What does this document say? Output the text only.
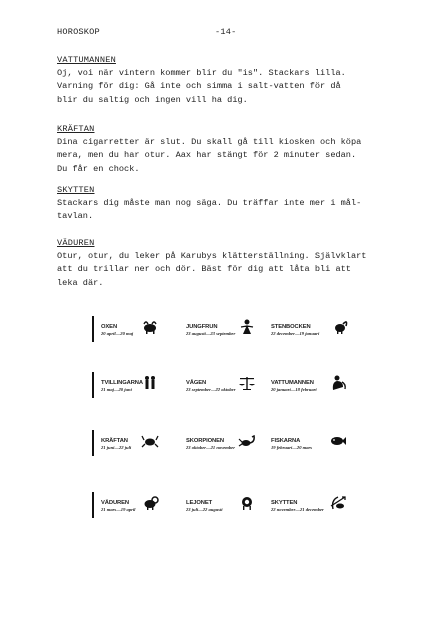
HOROSKOP	-14-
VATTUMANNEN
Oj, voi när vintern kommer blir du "is". Stackars lilla.
Varning för dig: Gå inte och simma i salt-vatten för då
blir du saltig och ingen vill ha dig.
KRÄFTAN
Dina cigarretter är slut. Du skall gå till kiosken och köpa
mera, men du har otur. Aax har stängt för 2 minuter sedan.
Du får en chock.
SKYTTEN
Stackars dig måste man nog säga. Du träffar inte mer i mål-
tavlan.
VÄDUREN
Otur, otur, du leker på Karubys klätterställning. Självklart
att du trillar ner och dör. Bäst för dig att låta bli att
leka där.
OXEN
20 april—20 maj
JUNGFRUN
23 augusti—23 september
STENBOCKEN
22 december—19 januari
TVILLINGARNA
21 maj—20 juni
VÅGEN
23 september—22 oktober
VATTUMANNEN
20 januari—18 februari
KRÄFTAN
21 juni—22 juli
SKORPIONEN
23 oktober—21 november
FISKARNA
19 februari—20 mars
VÄDUREN
21 mars—19 april
LEJONET
23 juli—22 augusti
SKYTTEN
22 november—21 december
